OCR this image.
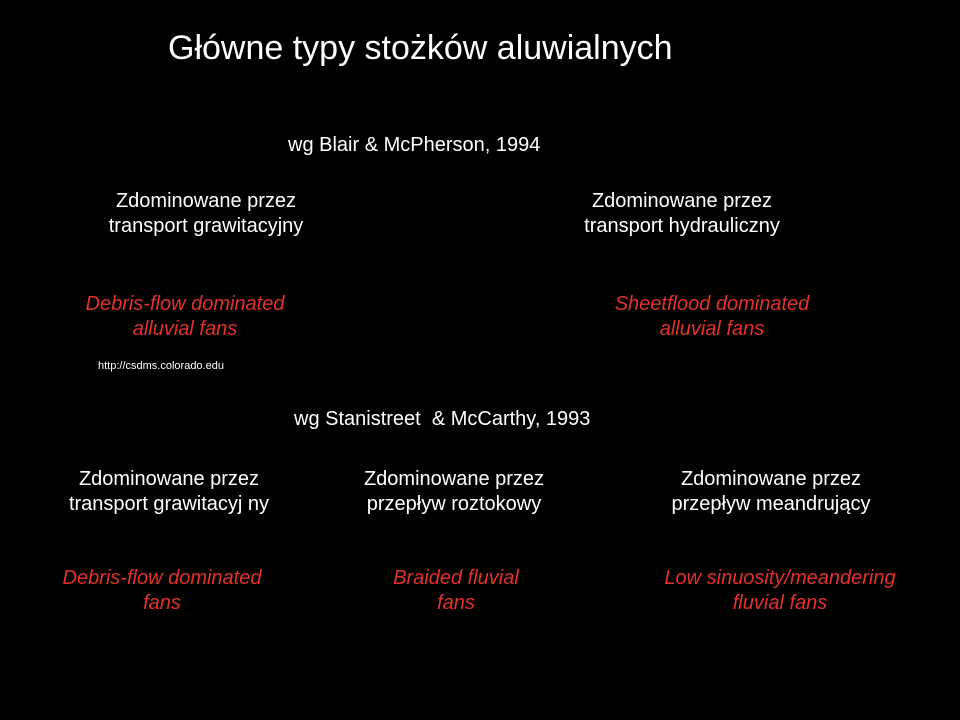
Główne typy stożków aluwialnych
wg Blair & McPherson, 1994
Zdominowane przez
transport grawitacyjny
Zdominowane przez
transport hydrauliczny
Debris-flow dominated
alluvial fans
Sheetflood dominated
alluvial fans
http://csdms.colorado.edu
wg Stanistreet  & McCarthy, 1993
Zdominowane przez
transport grawitacyj ny
Zdominowane przez
przepływ roztokowy
Zdominowane przez
przepływ meandrujący
Debris-flow dominated
fans
Braided fluvial
fans
Low sinuosity/meandering
fluvial fans
